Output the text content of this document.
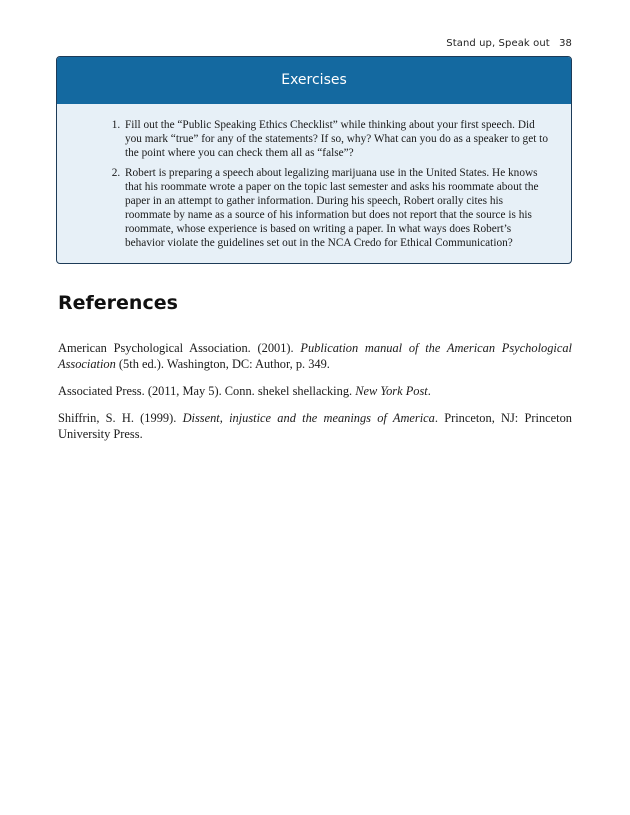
Stand up, Speak out 38
Exercises
1. Fill out the “Public Speaking Ethics Checklist” while thinking about your first speech. Did you mark “true” for any of the statements? If so, why? What can you do as a speaker to get to the point where you can check them all as “false”?
2. Robert is preparing a speech about legalizing marijuana use in the United States. He knows that his roommate wrote a paper on the topic last semester and asks his roommate about the paper in an attempt to gather information. During his speech, Robert orally cites his roommate by name as a source of his information but does not report that the source is his roommate, whose experience is based on writing a paper. In what ways does Robert’s behavior violate the guidelines set out in the NCA Credo for Ethical Communication?
References

American Psychological Association. (2001). Publication manual of the American Psychological Association (5th ed.). Washington, DC: Author, p. 349.

Associated Press. (2011, May 5). Conn. shekel shellacking. New York Post.

Shiffrin, S. H. (1999). Dissent, injustice and the meanings of America. Princeton, NJ: Princeton University Press.
